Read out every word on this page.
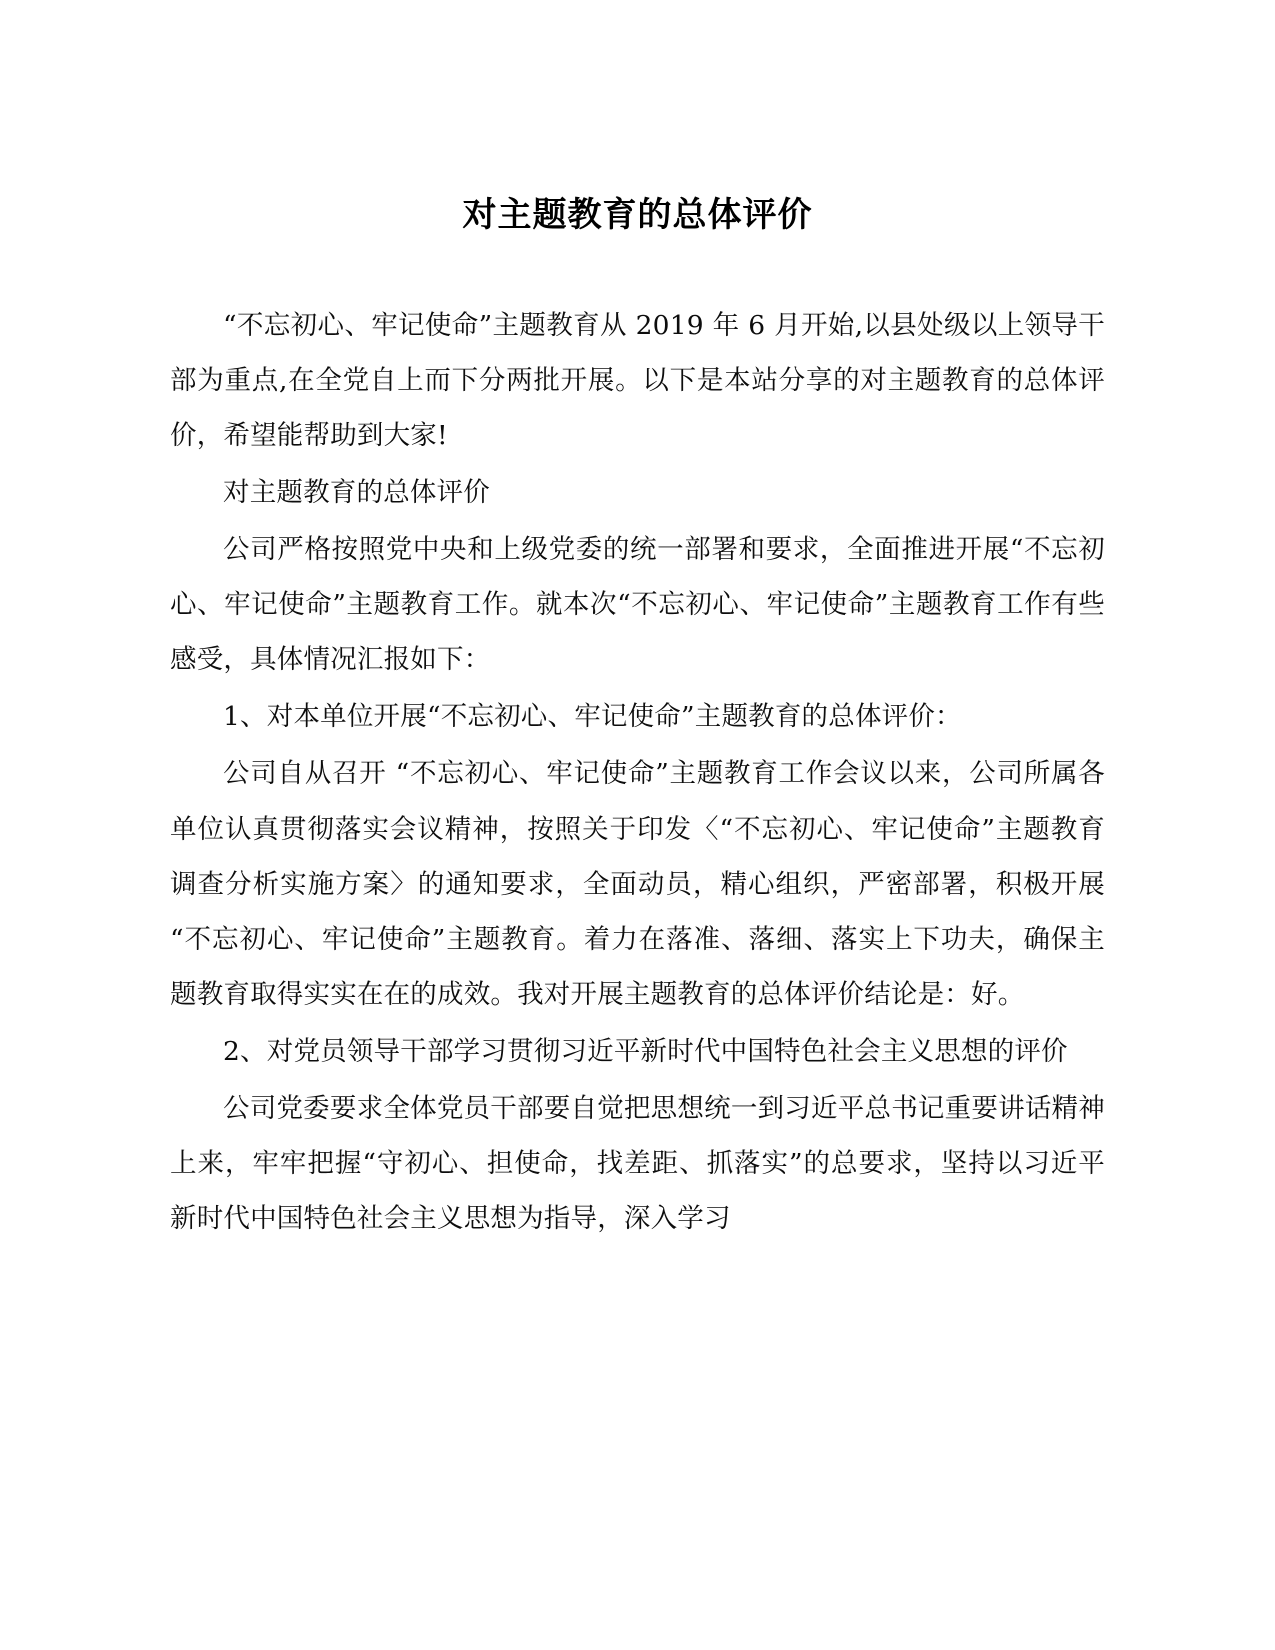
对主题教育的总体评价

“不忘初心、牢记使命”主题教育从 2019 年 6 月开始,以县处级以上领导干部为重点,在全党自上而下分两批开展。以下是本站分享的对主题教育的总体评价，希望能帮助到大家!

对主题教育的总体评价

公司严格按照党中央和上级党委的统一部署和要求，全面推进开展“不忘初心、牢记使命”主题教育工作。就本次“不忘初心、牢记使命”主题教育工作有些感受，具体情况汇报如下：

1、对本单位开展“不忘初心、牢记使命”主题教育的总体评价：

公司自从召开 “不忘初心、牢记使命”主题教育工作会议以来，公司所属各单位认真贯彻落实会议精神，按照关于印发〈“不忘初心、牢记使命”主题教育调查分析实施方案〉的通知要求，全面动员，精心组织，严密部署，积极开展“不忘初心、牢记使命”主题教育。着力在落准、落细、落实上下功夫，确保主题教育取得实实在在的成效。我对开展主题教育的总体评价结论是：好。

2、对党员领导干部学习贯彻习近平新时代中国特色社会主义思想的评价

公司党委要求全体党员干部要自觉把思想统一到习近平总书记重要讲话精神上来，牢牢把握“守初心、担使命，找差距、抓落实”的总要求，坚持以习近平新时代中国特色社会主义思想为指导，深入学习
